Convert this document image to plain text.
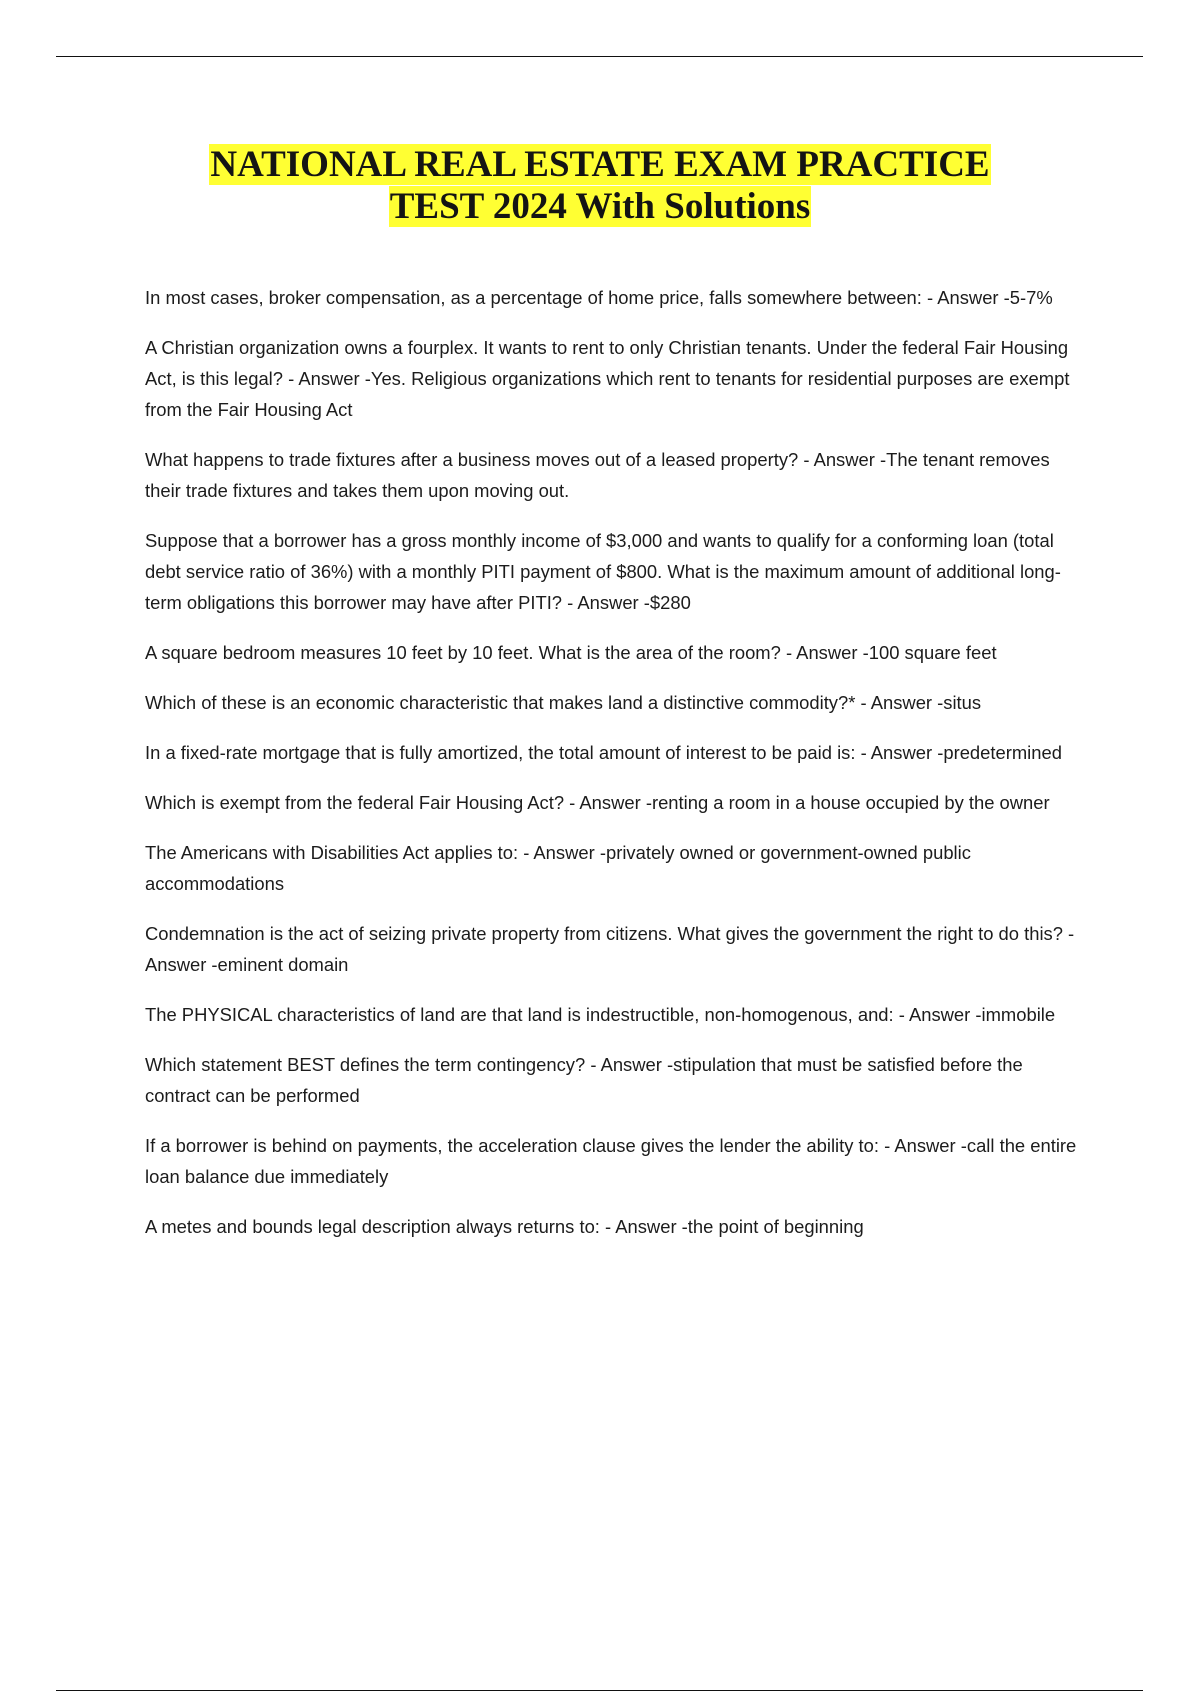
NATIONAL REAL ESTATE EXAM PRACTICE
TEST 2024 With Solutions
In most cases, broker compensation, as a percentage of home price, falls somewhere between: - Answer -5-7%
A Christian organization owns a fourplex. It wants to rent to only Christian tenants. Under the federal Fair Housing Act, is this legal? - Answer -Yes. Religious organizations which rent to tenants for residential purposes are exempt from the Fair Housing Act
What happens to trade fixtures after a business moves out of a leased property? - Answer -The tenant removes their trade fixtures and takes them upon moving out.
Suppose that a borrower has a gross monthly income of $3,000 and wants to qualify for a conforming loan (total debt service ratio of 36%) with a monthly PITI payment of $800. What is the maximum amount of additional long-term obligations this borrower may have after PITI? - Answer -$280
A square bedroom measures 10 feet by 10 feet. What is the area of the room? - Answer -100 square feet
Which of these is an economic characteristic that makes land a distinctive commodity?* - Answer -situs
In a fixed-rate mortgage that is fully amortized, the total amount of interest to be paid is: - Answer -predetermined
Which is exempt from the federal Fair Housing Act? - Answer -renting a room in a house occupied by the owner
The Americans with Disabilities Act applies to: - Answer -privately owned or government-owned public accommodations
Condemnation is the act of seizing private property from citizens. What gives the government the right to do this? - Answer -eminent domain
The PHYSICAL characteristics of land are that land is indestructible, non-homogenous, and: - Answer -immobile
Which statement BEST defines the term contingency? - Answer -stipulation that must be satisfied before the contract can be performed
If a borrower is behind on payments, the acceleration clause gives the lender the ability to: - Answer -call the entire loan balance due immediately
A metes and bounds legal description always returns to: - Answer -the point of beginning
